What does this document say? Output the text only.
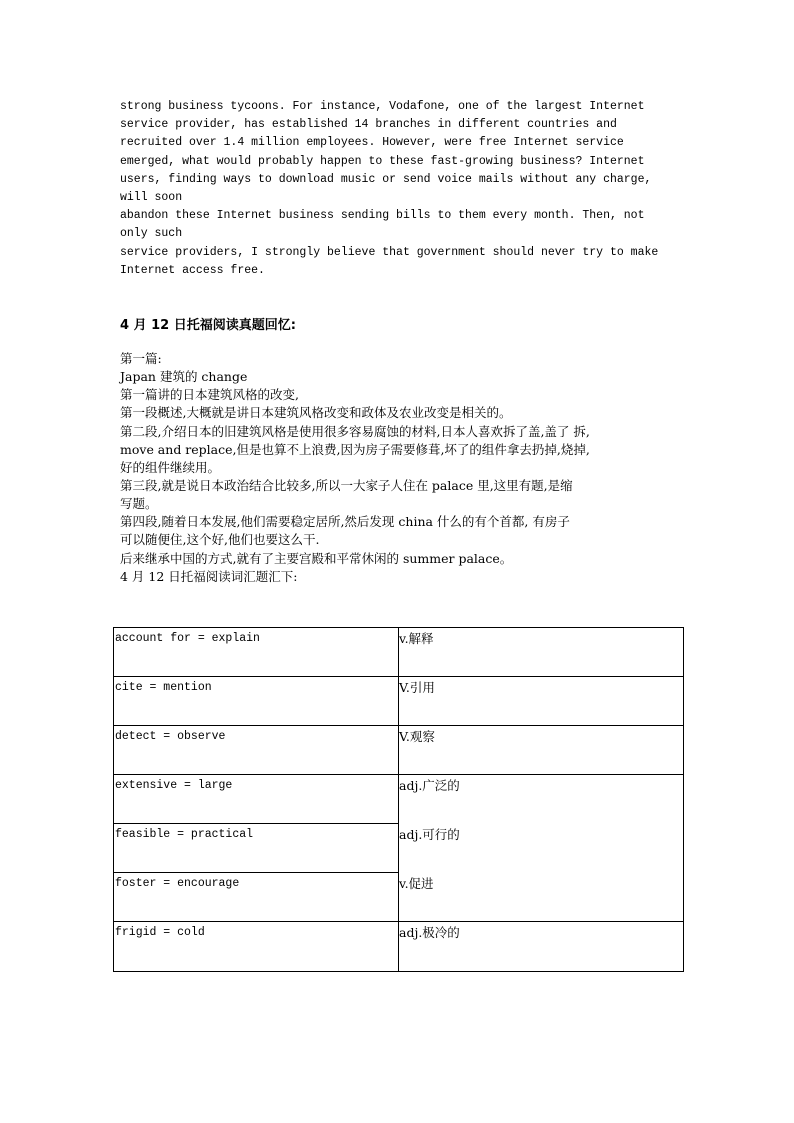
strong business tycoons. For instance, Vodafone, one of the largest Internet
service provider, has established 14 branches in different countries and
recruited over 1.4 million employees. However, were free Internet service
emerged, what would probably happen to these fast-growing business? Internet
users, finding ways to download music or send voice mails without any charge,
will soon
abandon these Internet business sending bills to them every month. Then, not
only such
service providers, I strongly believe that government should never try to make
Internet access free.
4 月 12 日托福阅读真题回忆:
第一篇:
Japan 建筑的 change
第一篇讲的日本建筑风格的改变,
第一段概述,大概就是讲日本建筑风格改变和政体及农业改变是相关的。
第二段,介绍日本的旧建筑风格是使用很多容易腐蚀的材料,日本人喜欢拆了盖,盖了 拆,
move and replace,但是也算不上浪费,因为房子需要修葺,坏了的组件拿去扔掉,烧掉,
好的组件继续用。
第三段,就是说日本政治结合比较多,所以一大家子人住在 palace 里,这里有题,是缩
写题。
第四段,随着日本发展,他们需要稳定居所,然后发现 china 什么的有个首都, 有房子
可以随便住,这个好,他们也要这么干.
后来继承中国的方式,就有了主要宫殿和平常休闲的 summer palace。
4 月 12 日托福阅读词汇题汇下:
account for = explain
cite = mention
detect = observe
extensive = large
feasible = practical
foster = encourage
frigid = cold
v.解释
V.引用
V.观察
adj.广泛的
adj.可行的
v.促进
adj.极冷的
